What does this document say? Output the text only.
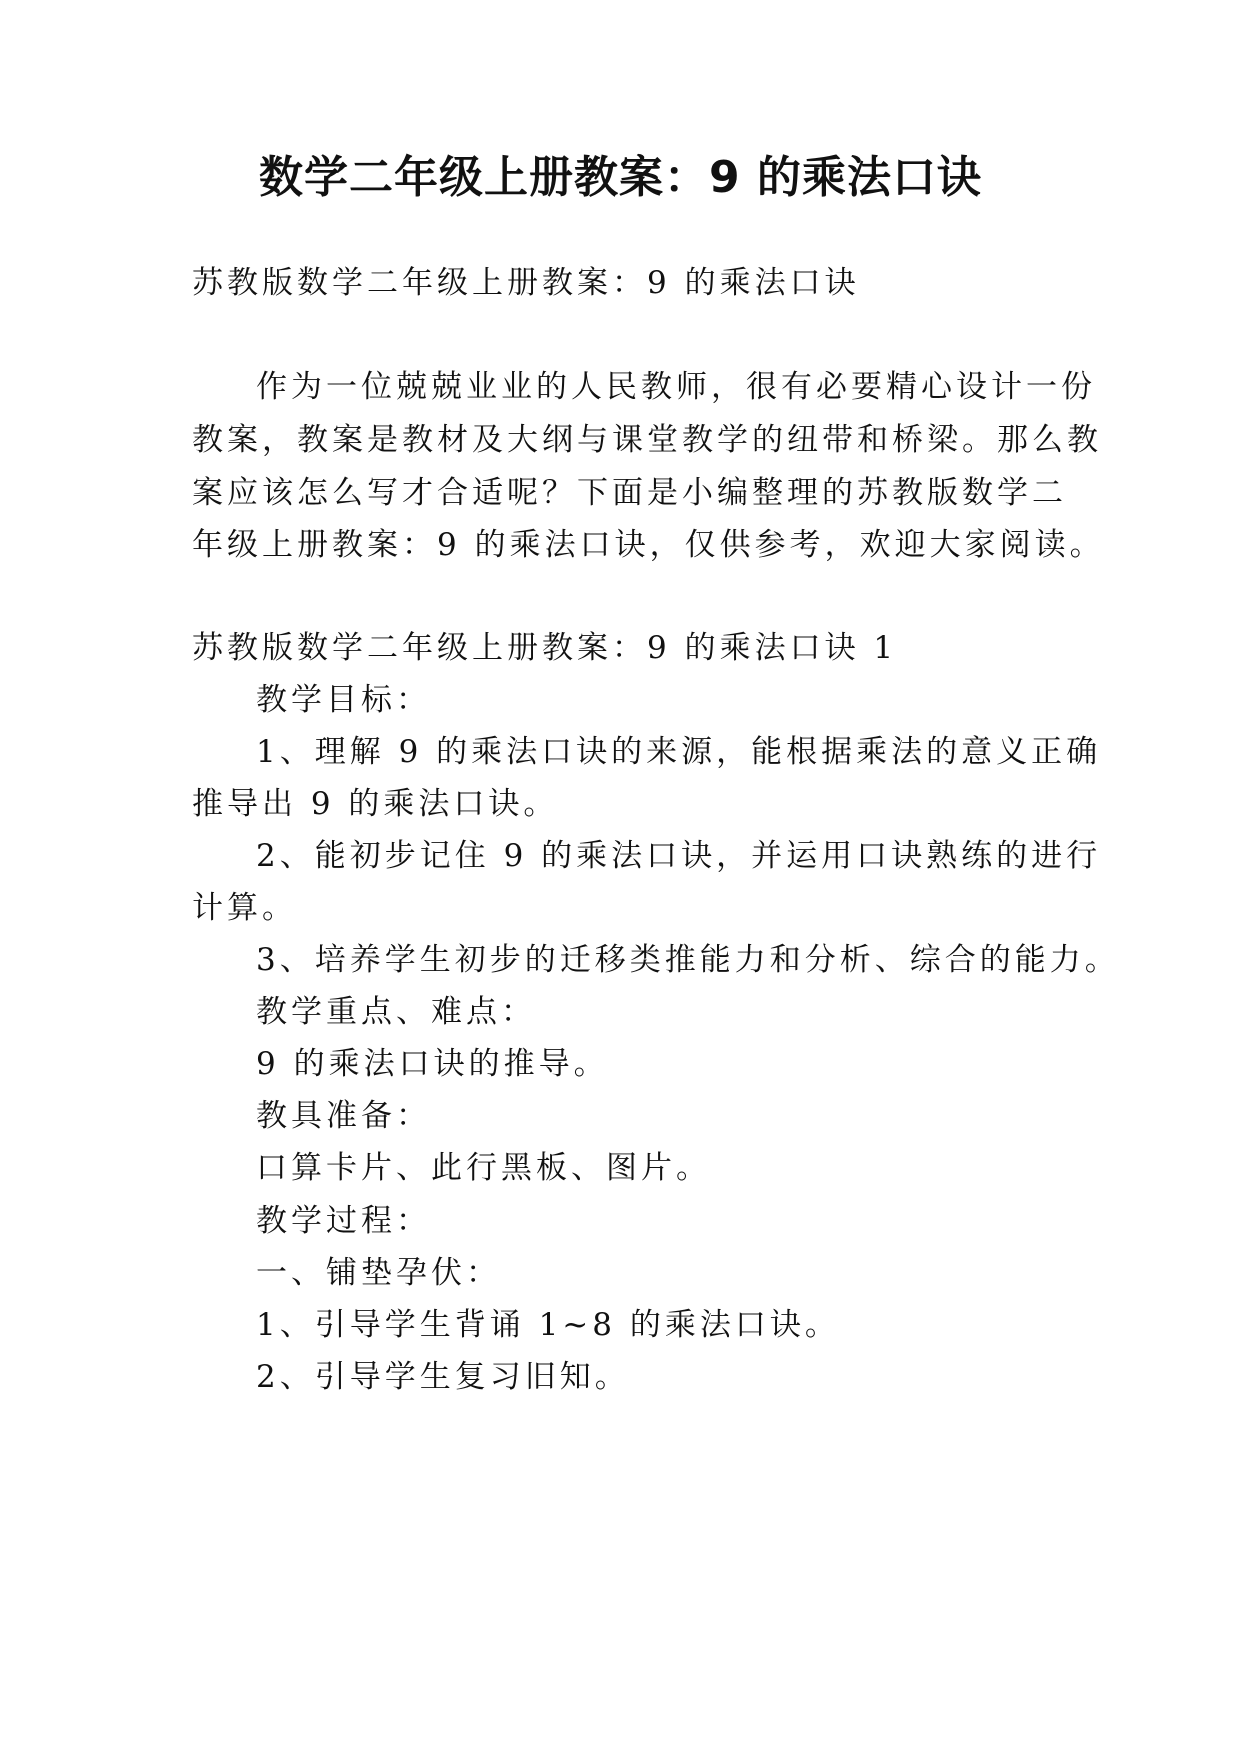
数学二年级上册教案：9 的乘法口诀
苏教版数学二年级上册教案：9 的乘法口诀
作为一位兢兢业业的人民教师，很有必要精心设计一份
教案，教案是教材及大纲与课堂教学的纽带和桥梁。那么教
案应该怎么写才合适呢？下面是小编整理的苏教版数学二
年级上册教案：9 的乘法口诀，仅供参考，欢迎大家阅读。
苏教版数学二年级上册教案：9 的乘法口诀 1
教学目标：
1、理解 9 的乘法口诀的来源，能根据乘法的意义正确
推导出 9 的乘法口诀。
2、能初步记住 9 的乘法口诀，并运用口诀熟练的进行
计算。
3、培养学生初步的迁移类推能力和分析、综合的能力。
教学重点、难点：
9 的乘法口诀的推导。
教具准备：
口算卡片、此行黑板、图片。
教学过程：
一、铺垫孕伏：
1、引导学生背诵 1~8 的乘法口诀。
2、引导学生复习旧知。
